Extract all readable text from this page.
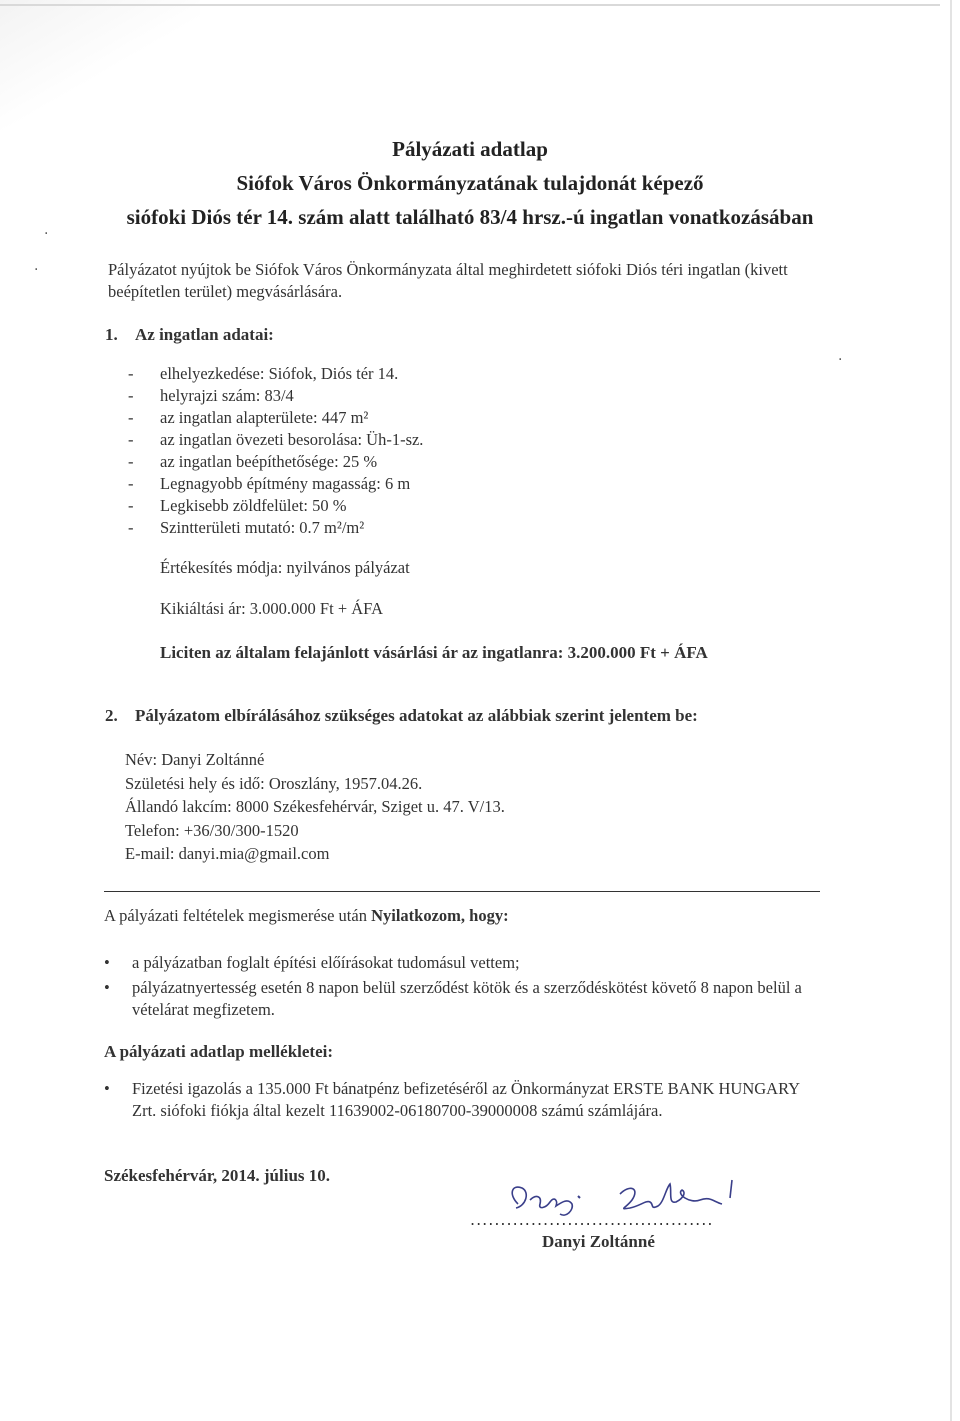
·
·
·
Pályázati adatlap
Siófok Város Önkormányzatának tulajdonát képező
siófoki Diós tér 14. szám alatt található 83/4 hrsz.-ú ingatlan vonatkozásában
Pályázatot nyújtok be Siófok Város Önkormányzata által meghirdetett siófoki Diós téri ingatlan (kivett beépítetlen terület) megvásárlására.
1. Az ingatlan adatai:
- elhelyezkedése: Siófok, Diós tér 14.
- helyrajzi szám: 83/4
- az ingatlan alapterülete: 447 m²
- az ingatlan övezeti besorolása: Üh-1-sz.
- az ingatlan beépíthetősége: 25 %
- Legnagyobb építmény magasság: 6 m
- Legkisebb zöldfelület: 50 %
- Szintterületi mutató: 0.7 m²/m²
Értékesítés módja: nyilvános pályázat
Kikiáltási ár: 3.000.000 Ft + ÁFA
Liciten az általam felajánlott vásárlási ár az ingatlanra: 3.200.000 Ft + ÁFA
2. Pályázatom elbírálásához szükséges adatokat az alábbiak szerint jelentem be:
Név: Danyi Zoltánné
Születési hely és idő: Oroszlány, 1957.04.26.
Állandó lakcím: 8000 Székesfehérvár, Sziget u. 47. V/13.
Telefon: +36/30/300-1520
E-mail: danyi.mia@gmail.com
A pályázati feltételek megismerése után Nyilatkozom, hogy:
•	a pályázatban foglalt építési előírásokat tudomásul vettem;
•	pályázatnyertesség esetén 8 napon belül szerződést kötök és a szerződéskötést követő 8 napon belül a vételárat megfizetem.
A pályázati adatlap mellékletei:
•	Fizetési igazolás a 135.000 Ft bánatpénz befizetéséről az Önkormányzat ERSTE BANK HUNGARY Zrt. siófoki fiókja által kezelt 11639002-06180700-39000008 számú számlájára.
Székesfehérvár, 2014. július 10.
........................................
Danyi Zoltánné
